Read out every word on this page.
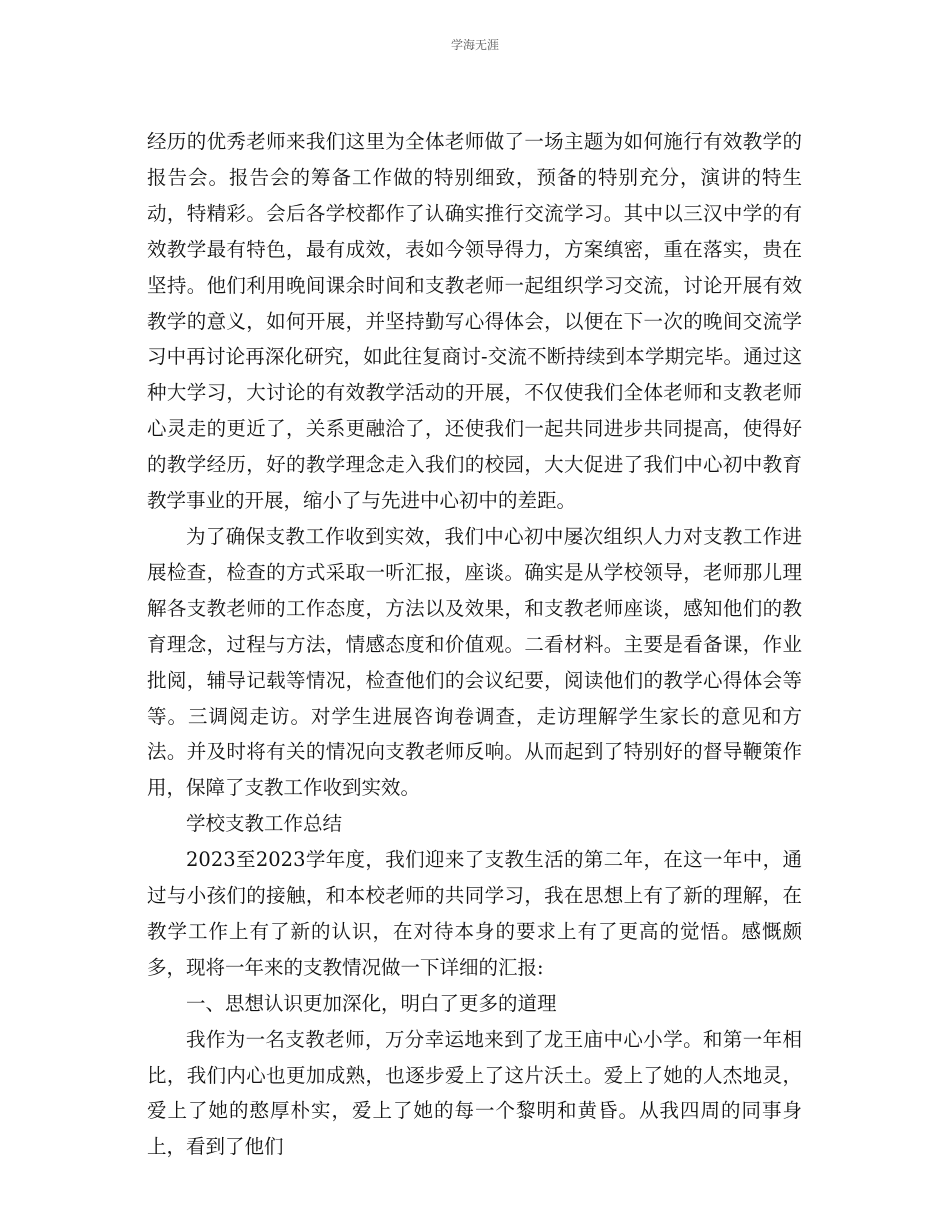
学海无涯

经历的优秀老师来我们这里为全体老师做了一场主题为如何施行有效教学的报告会。报告会的筹备工作做的特别细致，预备的特别充分，演讲的特生动，特精彩。会后各学校都作了认确实推行交流学习。其中以三汉中学的有效教学最有特色，最有成效，表如今领导得力，方案缜密，重在落实，贵在坚持。他们利用晚间课余时间和支教老师一起组织学习交流，讨论开展有效教学的意义，如何开展，并坚持勤写心得体会，以便在下一次的晚间交流学习中再讨论再深化研究，如此往复商讨-交流不断持续到本学期完毕。通过这种大学习，大讨论的有效教学活动的开展，不仅使我们全体老师和支教老师心灵走的更近了，关系更融洽了，还使我们一起共同进步共同提高，使得好的教学经历，好的教学理念走入我们的校园，大大促进了我们中心初中教育教学事业的开展，缩小了与先进中心初中的差距。

为了确保支教工作收到实效，我们中心初中屡次组织人力对支教工作进展检查，检查的方式采取一听汇报，座谈。确实是从学校领导，老师那儿理解各支教老师的工作态度，方法以及效果，和支教老师座谈，感知他们的教育理念，过程与方法，情感态度和价值观。二看材料。主要是看备课，作业批阅，辅导记载等情况，检查他们的会议纪要，阅读他们的教学心得体会等等。三调阅走访。对学生进展咨询卷调查，走访理解学生家长的意见和方法。并及时将有关的情况向支教老师反响。从而起到了特别好的督导鞭策作用，保障了支教工作收到实效。

学校支教工作总结

2023至2023学年度，我们迎来了支教生活的第二年，在这一年中，通过与小孩们的接触，和本校老师的共同学习，我在思想上有了新的理解，在教学工作上有了新的认识，在对待本身的要求上有了更高的觉悟。感慨颇多，现将一年来的支教情况做一下详细的汇报:

一、思想认识更加深化，明白了更多的道理

我作为一名支教老师，万分幸运地来到了龙王庙中心小学。和第一年相比，我们内心也更加成熟，也逐步爱上了这片沃土。爱上了她的人杰地灵，爱上了她的憨厚朴实，爱上了她的每一个黎明和黄昏。从我四周的同事身上，看到了他们
